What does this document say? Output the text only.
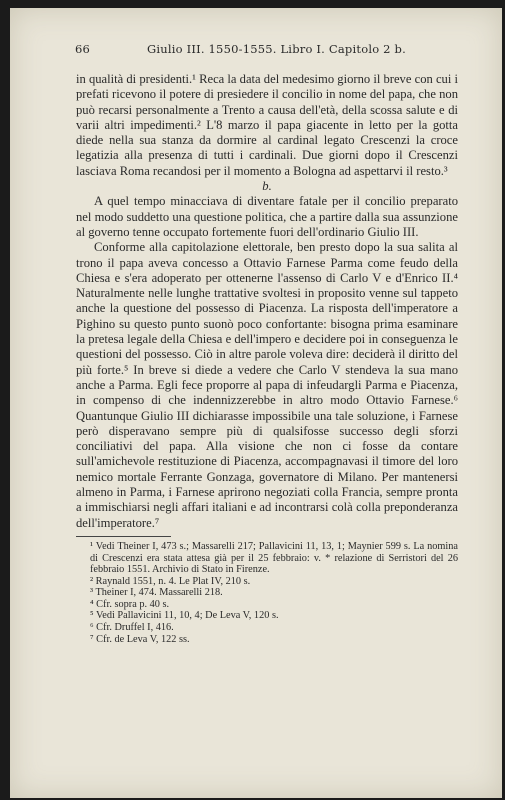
66	Giulio III. 1550-1555. Libro I. Capitolo 2 b.

in qualità di presidenti.¹ Reca la data del medesimo giorno il breve con cui i prefati ricevono il potere di presiedere il concilio in nome del papa, che non può recarsi personalmente a Trento a causa dell'età, della scossa salute e di varii altri impedimenti.² L'8 marzo il papa giacente in letto per la gotta diede nella sua stanza da dormire al cardinal legato Crescenzi la croce legatizia alla presenza di tutti i cardinali. Due giorni dopo il Crescenzi lasciava Roma recandosi per il momento a Bologna ad aspettarvi il resto.³

b.

A quel tempo minacciava di diventare fatale per il concilio preparato nel modo suddetto una questione politica, che a partire dalla sua assunzione al governo tenne occupato fortemente fuori dell'ordinario Giulio III.

Conforme alla capitolazione elettorale, ben presto dopo la sua salita al trono il papa aveva concesso a Ottavio Farnese Parma come feudo della Chiesa e s'era adoperato per ottenerne l'assenso di Carlo V e d'Enrico II.⁴ Naturalmente nelle lunghe trattative svoltesi in proposito venne sul tappeto anche la questione del possesso di Piacenza. La risposta dell'imperatore a Pighino su questo punto suonò poco confortante: bisogna prima esaminare la pretesa legale della Chiesa e dell'impero e decidere poi in conseguenza le questioni del possesso. Ciò in altre parole voleva dire: deciderà il diritto del più forte.⁵ In breve si diede a vedere che Carlo V stendeva la sua mano anche a Parma. Egli fece proporre al papa di infeudargli Parma e Piacenza, in compenso di che indennizzerebbe in altro modo Ottavio Farnese.⁶ Quantunque Giulio III dichiarasse impossibile una tale soluzione, i Farnese però disperavano sempre più di qualsifosse successo degli sforzi conciliativi del papa. Alla visione che non ci fosse da contare sull'amichevole restituzione di Piacenza, accompagnavasi il timore del loro nemico mortale Ferrante Gonzaga, governatore di Milano. Per mantenersi almeno in Parma, i Farnese aprirono negoziati colla Francia, sempre pronta a immischiarsi negli affari italiani e ad incontrarsi colà colla preponderanza dell'imperatore.⁷

¹ Vedi Theiner I, 473 s.; Massarelli 217; Pallavicini 11, 13, 1; Maynier 599 s. La nomina di Crescenzi era stata attesa già per il 25 febbraio: v. * relazione di Serristori del 26 febbraio 1551. Archivio di Stato in Firenze.

² Raynald 1551, n. 4. Le Plat IV, 210 s.

³ Theiner I, 474. Massarelli 218.

⁴ Cfr. sopra p. 40 s.

⁵ Vedi Pallavicini 11, 10, 4; De Leva V, 120 s.

⁶ Cfr. Druffel I, 416.

⁷ Cfr. de Leva V, 122 ss.
